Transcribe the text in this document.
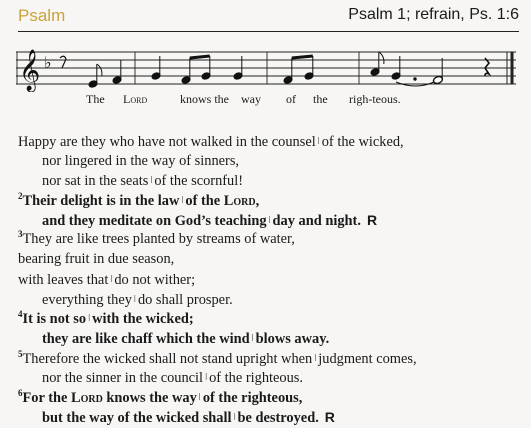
Psalm	Psalm 1; refrain, Ps. 1:6
𝄞 ♭
The Lord	knows the way of the righ-teous.
Happy are they who have not walked in the counsel ǀ of the wicked,
nor lingered in the way of sinners,
nor sat in the seats ǀ of the scornful!
$^2$Their delight is in the law ǀ of the Lord,
and they meditate on God’s teaching ǀ day and night. R
$^3$They are like trees planted by streams of water,
bearing fruit in due season,
with leaves that ǀ do not wither;
everything they ǀ do shall prosper.
$^4$It is not so ǀ with the wicked;
they are like chaff which the wind ǀ blows away.
$^5$Therefore the wicked shall not stand upright when ǀ judgment comes,
nor the sinner in the council ǀ of the righteous.
$^6$For the Lord knows the way ǀ of the righteous,
but the way of the wicked shall ǀ be destroyed. R
